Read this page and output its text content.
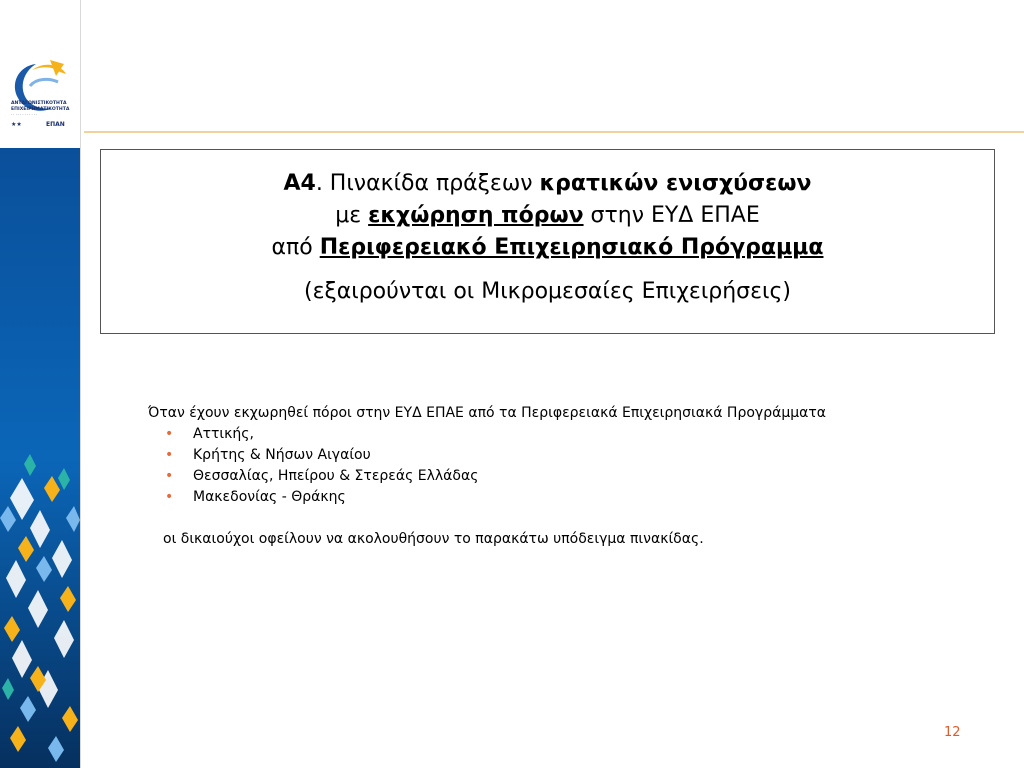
ΑΝΤΑΓΩΝΙΣΤΙΚΟΤΗΤΑ
ΕΠΙΧΕΙΡΗΜΑΤΙΚΟΤΗΤΑ
· · · · · · · · · · · ·
★★	ΕΠΑΝ
Α4. Πινακίδα πράξεων κρατικών ενισχύσεων
με εκχώρηση πόρων στην ΕΥΔ ΕΠΑΕ
από Περιφερειακό Επιχειρησιακό Πρόγραμμα
(εξαιρούνται οι Μικρομεσαίες Επιχειρήσεις)
Όταν έχουν εκχωρηθεί πόροι στην ΕΥΔ ΕΠΑΕ από τα Περιφερειακά Επιχειρησιακά Προγράμματα
• Αττικής,
• Κρήτης & Νήσων Αιγαίου
• Θεσσαλίας, Ηπείρου & Στερεάς Ελλάδας
• Μακεδονίας - Θράκης
οι δικαιούχοι οφείλουν να ακολουθήσουν το παρακάτω υπόδειγμα πινακίδας.
12
